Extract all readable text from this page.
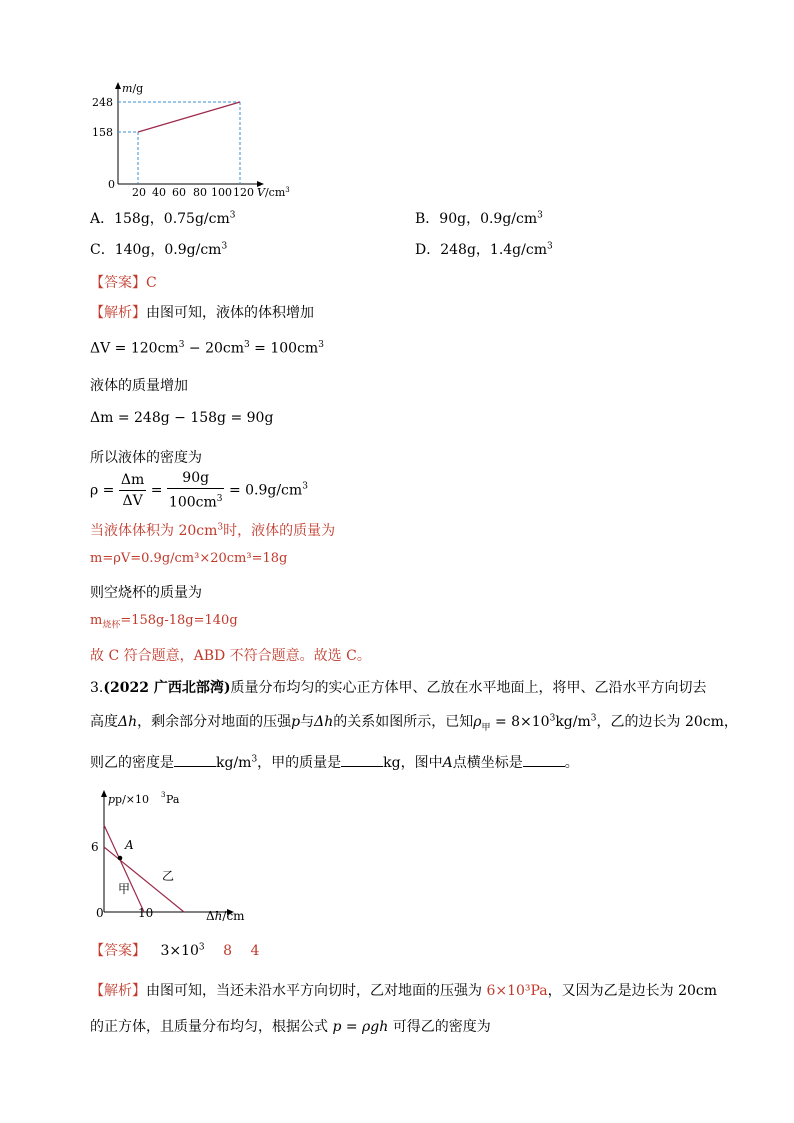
m/g
248
158
0
20 40 60 80 100 120 $V/cm^3$
A．158g，$0.75g/cm^3$	B．90g，$0.9g/cm^3$
C．140g，$0.9g/cm^3$	D．248g，$1.4g/cm^3$
【答案】C
【解析】由图可知，液体的体积增加
$\Delta V = 120cm^3 - 20cm^3 = 100cm^3$
液体的质量增加
Δm = 248g − 158g = 90g
所以液体的密度为
$\rho = \frac{\Delta m}{\Delta V} = \frac{90g}{100cm^3} = 0.9g/cm^3$
当液体体积为 $20cm^3$时，液体的质量为
m=ρV=0.9g/cm³×20cm³=18g
则空烧杯的质量为
$m_{烧杯}=158g-18g=140g$
故 C 符合题意，ABD 不符合题意。故选 C。
3.(2022 广西北部湾)质量分布均匀的实心正方体甲、乙放在水平地面上，将甲、乙沿水平方向切去
高度Δh，剩余部分对地面的压强p与Δh的关系如图所示，已知$\rho_甲 = 8\times 10^3kg/m^3$，乙的边长为 20cm，
则乙的密度是	$kg/m^3$，甲的质量是	kg，图中A点横坐标是	。
pp/×10 3 Pa
6
0	10	Δh/cm
A
甲
乙
【答案】 $3\times 10^3$ 8 4
【解析】由图可知，当还未沿水平方向切时，乙对地面的压强为 6×10³Pa，又因为乙是边长为 20cm
的正方体，且质量分布均匀，根据公式 p = ρgh 可得乙的密度为
